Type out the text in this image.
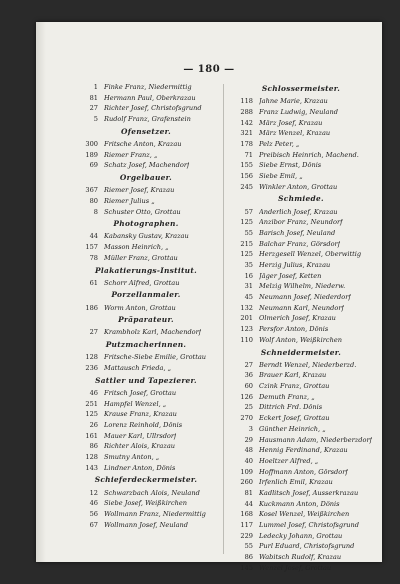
— 180 —
1 Finke Franz, Niedermittig
81 Hermann Paul, Oberkrazau
27 Richter Josef, Christofsgrund
5 Rudolf Franz, Grafenstein
Ofensetzer.
300 Fritsche Anton, Krazau
189 Riemer Franz, „
69 Schatz Josef, Machendorf
Orgelbauer.
367 Riemer Josef, Krazau
80 Riemer Julius „
8 Schuster Otto, Grottau
Photographen.
44 Kabansky Gustav, Krazau
157 Masson Heinrich, „
78 Müller Franz, Grottau
Plakatierungs-Institut.
61 Schorr Alfred, Grottau
Porzellanmaler.
186 Worm Anton, Grottau
Präparateur.
27 Krambholz Karl, Machendorf
Putzmacherinnen.
128 Fritsche-Siebe Emilie, Grottau
236 Mattausch Frieda, „
Sattler und Tapezierer.
46 Fritsch Josef, Grottau
251 Hampfel Wenzel, „
125 Krause Franz, Krazau
26 Lorenz Reinhold, Dönis
161 Mauer Karl, Ullrsdorf
86 Richter Alois, Krazau
128 Smutny Anton, „
143 Lindner Anton, Dönis
Schieferdeckermeister.
12 Schwarzbach Alois, Neuland
46 Siebe Josef, Weißkirchen
56 Wollmann Franz, Niedermittig
67 Wollmann Josef, Neuland
Schlossermeister.
118 Jahne Marie, Krazau
288 Franz Ludwig, Neuland
142 März Josef, Krazau
321 März Wenzel, Krazau
178 Pelz Peter, „
71 Preibisch Heinrich, Machend.
155 Siebe Ernst, Dönis
156 Siebe Emil, „
245 Winkler Anton, Grottau
Schmiede.
57 Anderlich Josef, Krazau
125 Anzibor Franz, Neundorf
55 Barisch Josef, Neuland
215 Balchar Franz, Görsdorf
125 Herzgesell Wenzel, Oberwittig
35 Herzig Julius, Krazau
16 Jäger Josef, Ketten
31 Melzig Wilhelm, Niederw.
45 Neumann Josef, Niederdorf
132 Neumann Karl, Neundorf
201 Olmerich Josef, Krazau
123 Persfor Anton, Dönis
110 Wolf Anton, Weißkirchen
Schneidermeister.
27 Berndt Wenzel, Niederberzd.
36 Brauer Karl, Krazau
60 Czink Franz, Grottau
126 Demuth Franz, „
25 Dittrich Frd. Dönis
270 Eckert Josef, Grottau
3 Günther Heinrich, „
29 Hausmann Adam, Niederberzdorf
48 Hennig Ferdinand, Krazau
40 Hoeltzer Alfred, „
109 Hoffmann Anton, Görsdorf
260 Irfenlich Emil, Krazau
81 Kadlitsch Josef, Ausserkrazau
44 Kuckmann Anton, Dönis
168 Kosel Wenzel, Weißkirchen
117 Lummel Josef, Christofsgrund
229 Ledecky Johann, Grottau
55 Purl Eduard, Christofsgrund
86 Wabitsch Rudolf, Krazau
145 Wenzel Josef, Grottau
